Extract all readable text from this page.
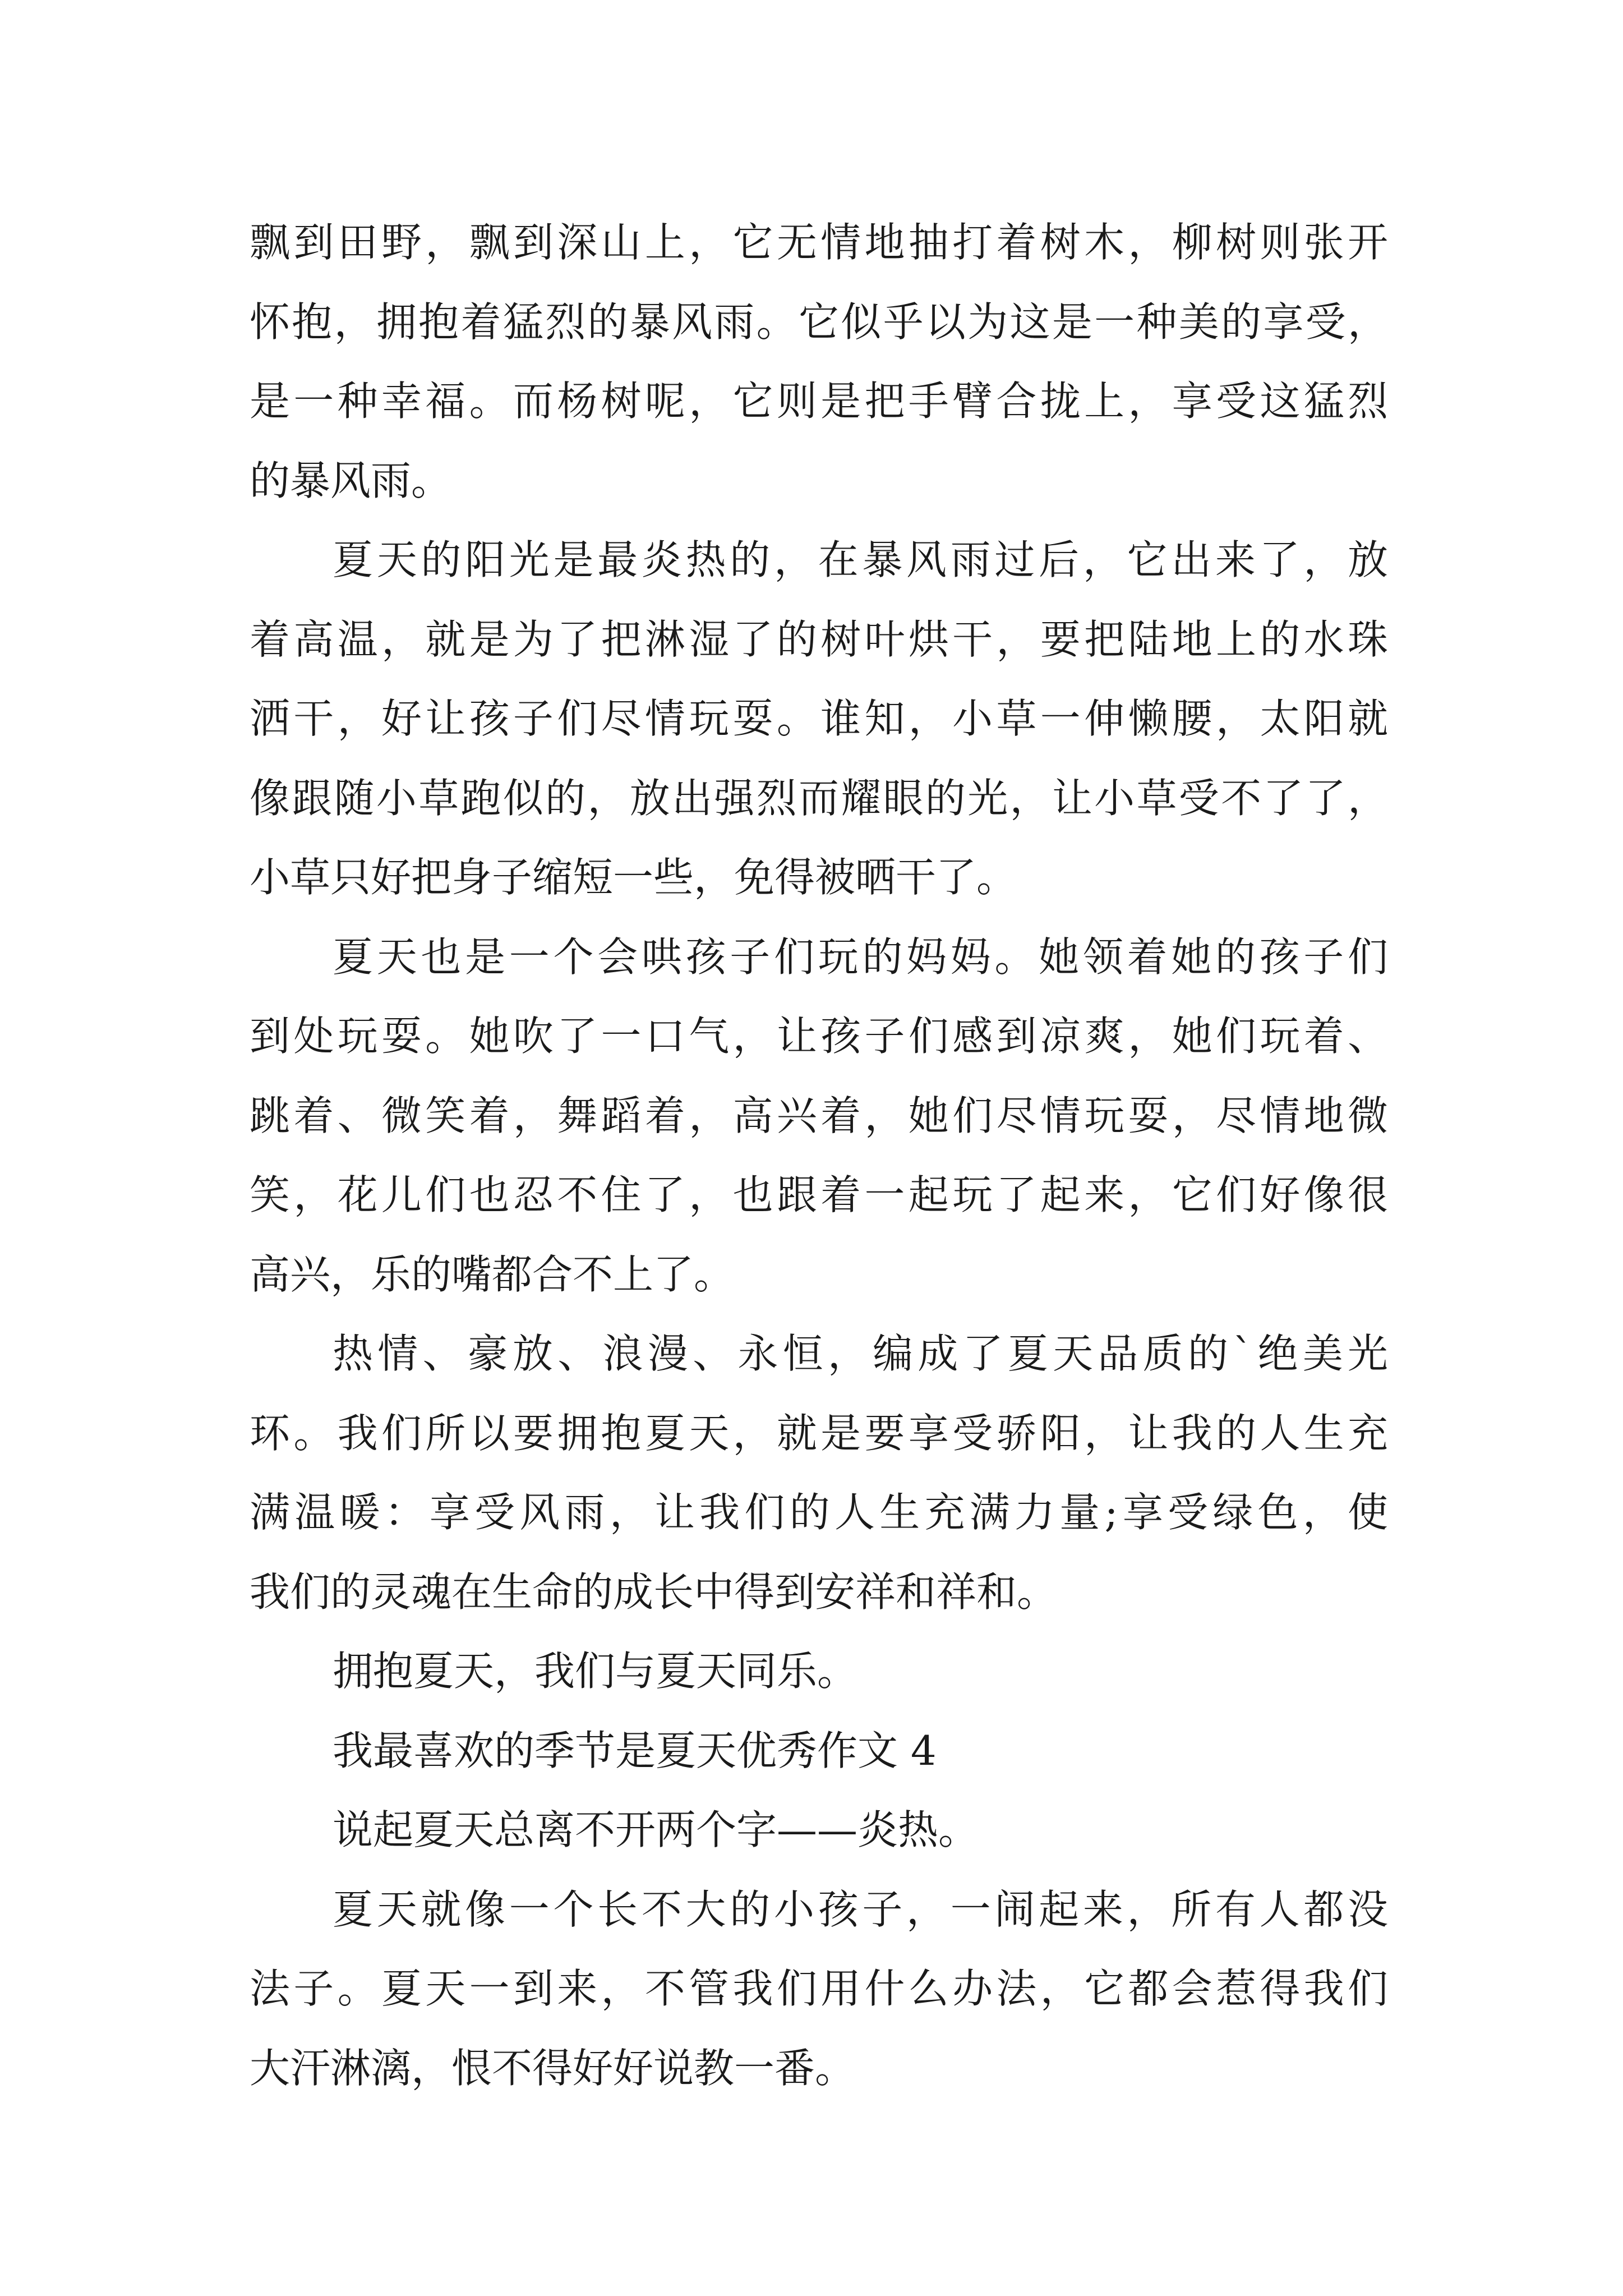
飘到田野，飘到深山上，它无情地抽打着树木，柳树则张开
怀抱，拥抱着猛烈的暴风雨。它似乎以为这是一种美的享受，
是一种幸福。而杨树呢，它则是把手臂合拢上，享受这猛烈
的暴风雨。
夏天的阳光是最炎热的，在暴风雨过后，它出来了，放
着高温，就是为了把淋湿了的树叶烘干，要把陆地上的水珠
洒干，好让孩子们尽情玩耍。谁知，小草一伸懒腰，太阳就
像跟随小草跑似的，放出强烈而耀眼的光，让小草受不了了，
小草只好把身子缩短一些，免得被晒干了。
夏天也是一个会哄孩子们玩的妈妈。她领着她的孩子们
到处玩耍。她吹了一口气，让孩子们感到凉爽，她们玩着、
跳着、微笑着，舞蹈着，高兴着，她们尽情玩耍，尽情地微
笑，花儿们也忍不住了，也跟着一起玩了起来，它们好像很
高兴，乐的嘴都合不上了。
热情、豪放、浪漫、永恒，编成了夏天品质的`绝美光
环。我们所以要拥抱夏天，就是要享受骄阳，让我的人生充
满温暖：享受风雨，让我们的人生充满力量;享受绿色，使
我们的灵魂在生命的成长中得到安祥和祥和。
拥抱夏天，我们与夏天同乐。
我最喜欢的季节是夏天优秀作文 4
说起夏天总离不开两个字——炎热。
夏天就像一个长不大的小孩子，一闹起来，所有人都没
法子。夏天一到来，不管我们用什么办法，它都会惹得我们
大汗淋漓，恨不得好好说教一番。
